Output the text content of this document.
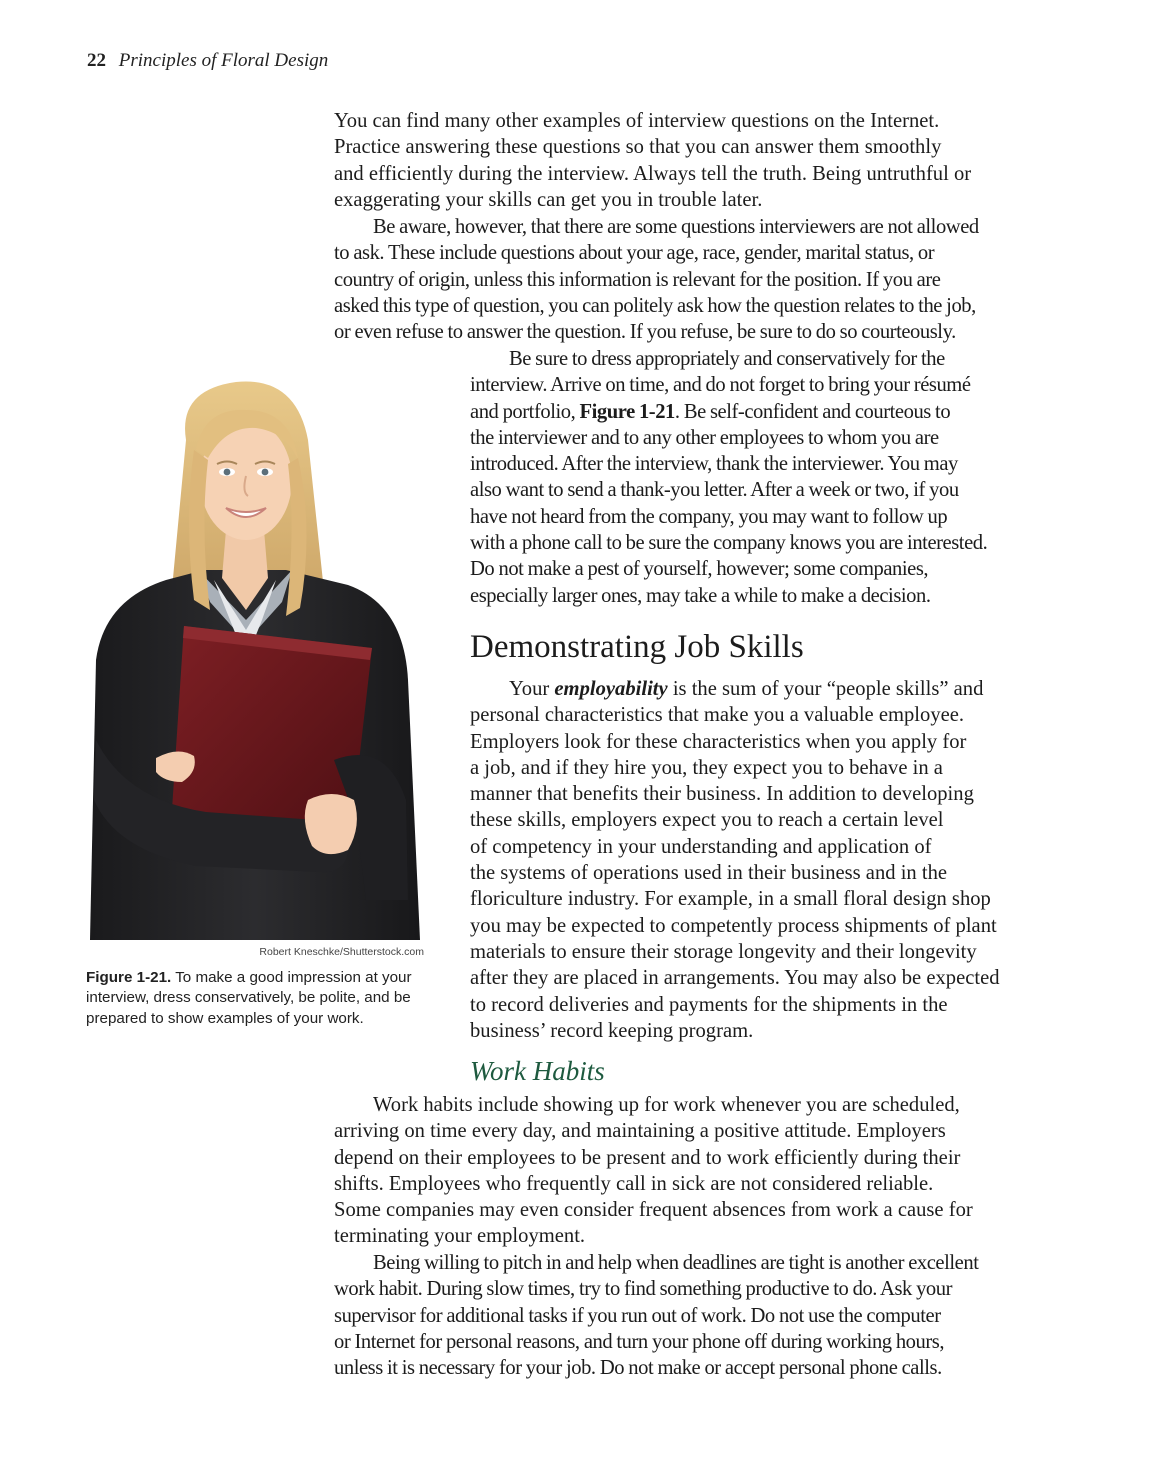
22 Principles of Floral Design

You can find many other examples of interview questions on the Internet.
Practice answering these questions so that you can answer them smoothly
and efficiently during the interview. Always tell the truth. Being untruthful or
exaggerating your skills can get you in trouble later.

Be aware, however, that there are some questions interviewers are not allowed
to ask. These include questions about your age, race, gender, marital status, or
country of origin, unless this information is relevant for the position. If you are
asked this type of question, you can politely ask how the question relates to the job,
or even refuse to answer the question. If you refuse, be sure to do so courteously.

Be sure to dress appropriately and conservatively for the
interview. Arrive on time, and do not forget to bring your résumé
and portfolio, Figure 1-21. Be self-confident and courteous to
the interviewer and to any other employees to whom you are
introduced. After the interview, thank the interviewer. You may
also want to send a thank-you letter. After a week or two, if you
have not heard from the company, you may want to follow up
with a phone call to be sure the company knows you are interested.
Do not make a pest of yourself, however; some companies,
especially larger ones, may take a while to make a decision.

Demonstrating Job Skills

Your employability is the sum of your “people skills” and
personal characteristics that make you a valuable employee.
Employers look for these characteristics when you apply for
a job, and if they hire you, they expect you to behave in a
manner that benefits their business. In addition to developing
these skills, employers expect you to reach a certain level
of competency in your understanding and application of
the systems of operations used in their business and in the
floriculture industry. For example, in a small floral design shop
you may be expected to competently process shipments of plant
materials to ensure their storage longevity and their longevity
after they are placed in arrangements. You may also be expected
to record deliveries and payments for the shipments in the
business’ record keeping program.

Work Habits

Work habits include showing up for work whenever you are scheduled,
arriving on time every day, and maintaining a positive attitude. Employers
depend on their employees to be present and to work efficiently during their
shifts. Employees who frequently call in sick are not considered reliable.
Some companies may even consider frequent absences from work a cause for
terminating your employment.

Being willing to pitch in and help when deadlines are tight is another excellent
work habit. During slow times, try to find something productive to do. Ask your
supervisor for additional tasks if you run out of work. Do not use the computer
or Internet for personal reasons, and turn your phone off during working hours,
unless it is necessary for your job. Do not make or accept personal phone calls.

Robert Kneschke/Shutterstock.com

Figure 1-21. To make a good impression at your interview, dress conservatively, be polite, and be prepared to show examples of your work.
